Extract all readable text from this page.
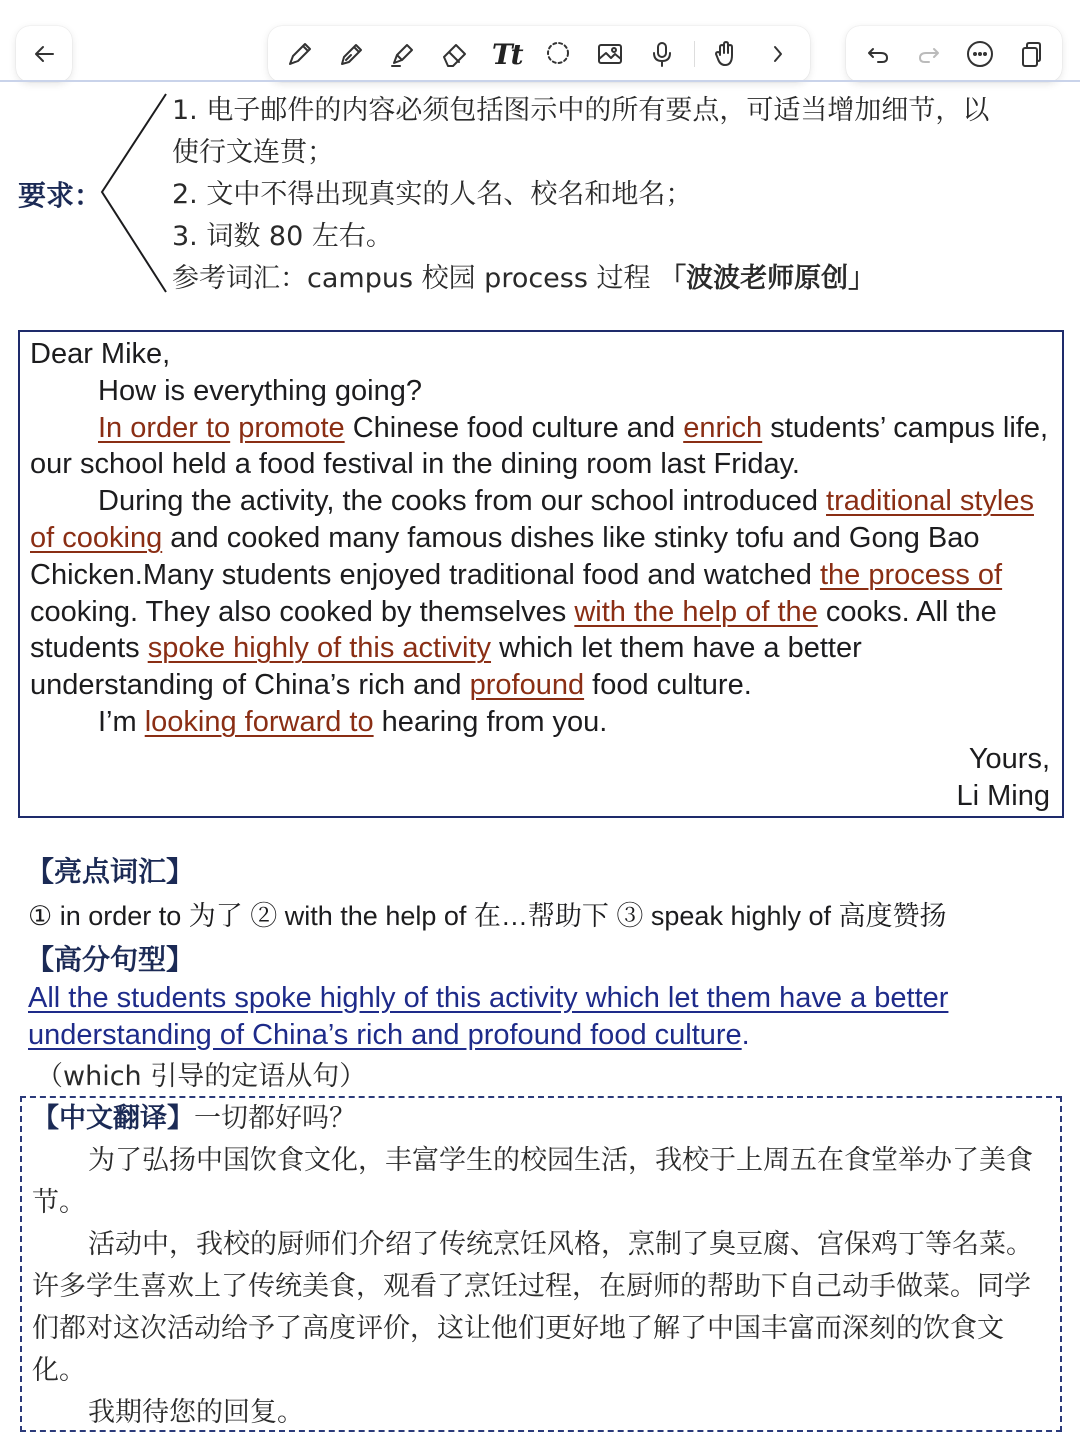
Tt
要求：
1. 电子邮件的内容必须包括图示中的所有要点，可适当增加细节，以
使行文连贯；
2. 文中不得出现真实的人名、校名和地名；
3. 词数 80 左右。
参考词汇：campus 校园 process 过程 「波波老师原创」

Dear Mike,

How is everything going?

In order to promote Chinese food culture and enrich students’ campus life, our school held a food festival in the dining room last Friday.

During the activity, the cooks from our school introduced traditional styles of cooking and cooked many famous dishes like stinky tofu and Gong Bao Chicken.Many students enjoyed traditional food and watched the process of cooking. They also cooked by themselves with the help of the cooks. All the students spoke highly of this activity which let them have a better understanding of China’s rich and profound food culture.

I’m looking forward to hearing from you.

Yours,

Li Ming

【亮点词汇】
① in order to 为了 ② with the help of 在…帮助下 ③ speak highly of 高度赞扬
【高分句型】
All the students spoke highly of this activity which let them have a better understanding of China’s rich and profound food culture.
（which 引导的定语从句）

【中文翻译】一切都好吗？

为了弘扬中国饮食文化，丰富学生的校园生活，我校于上周五在食堂举办了美食节。

活动中，我校的厨师们介绍了传统烹饪风格，烹制了臭豆腐、宫保鸡丁等名菜。许多学生喜欢上了传统美食，观看了烹饪过程，在厨师的帮助下自己动手做菜。同学们都对这次活动给予了高度评价，这让他们更好地了解了中国丰富而深刻的饮食文化。

我期待您的回复。
